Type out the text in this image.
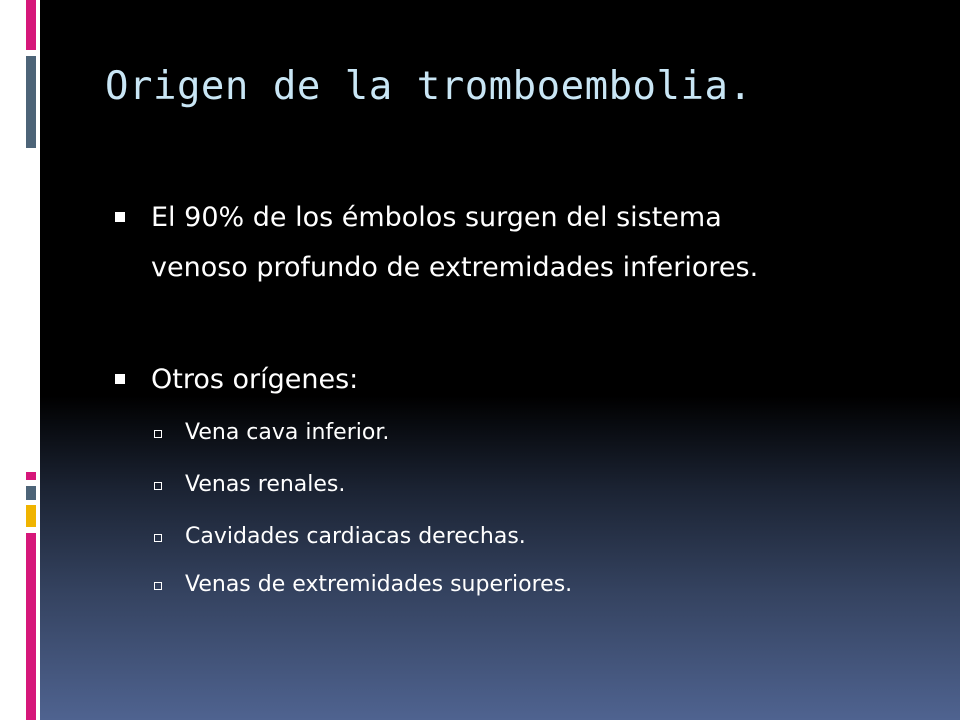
Origen de la tromboembolia.
El 90% de los émbolos surgen del sistema
venoso profundo de extremidades inferiores.
Otros orígenes:
Vena cava inferior.
Venas renales.
Cavidades cardiacas derechas.
Venas de extremidades superiores.
